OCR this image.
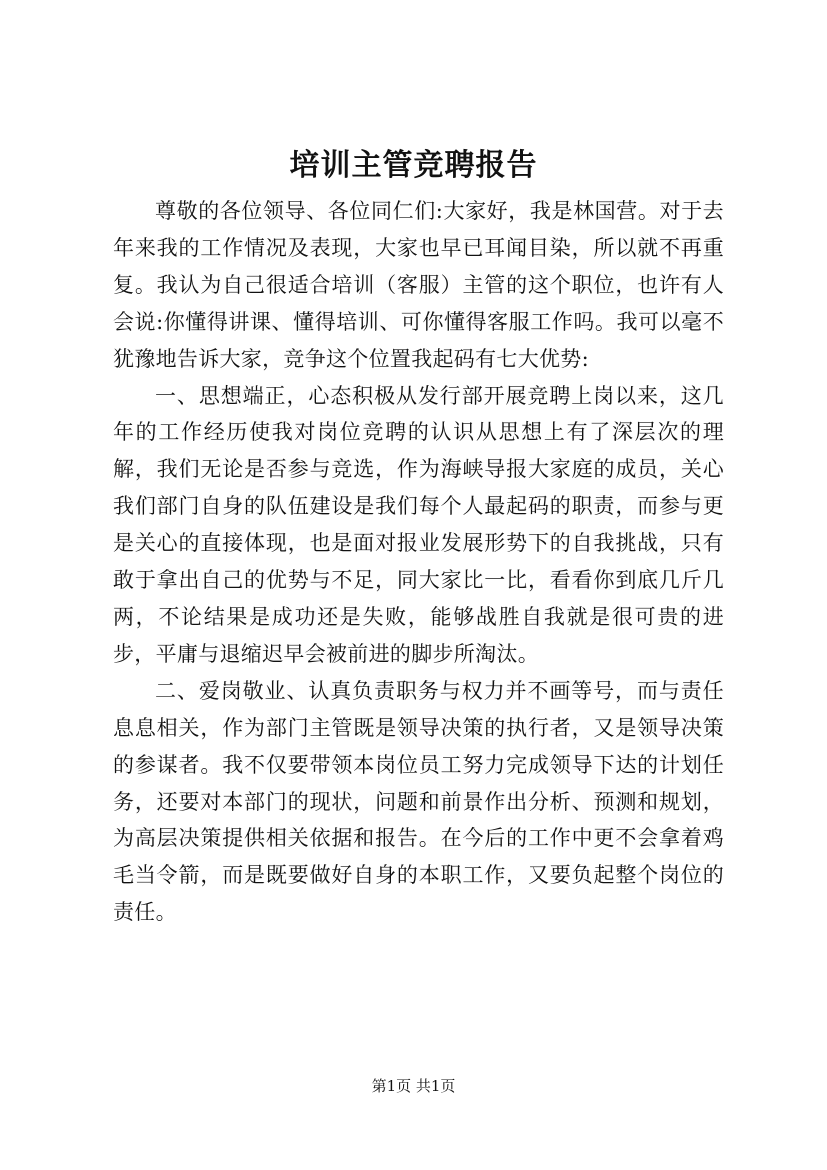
培训主管竞聘报告

尊敬的各位领导、各位同仁们:大家好，我是林国营。对于去年来我的工作情况及表现，大家也早已耳闻目染，所以就不再重复。我认为自己很适合培训（客服）主管的这个职位，也许有人会说:你懂得讲课、懂得培训、可你懂得客服工作吗。我可以毫不犹豫地告诉大家，竞争这个位置我起码有七大优势:

一、思想端正，心态积极从发行部开展竞聘上岗以来，这几年的工作经历使我对岗位竞聘的认识从思想上有了深层次的理解，我们无论是否参与竞选，作为海峡导报大家庭的成员，关心我们部门自身的队伍建设是我们每个人最起码的职责，而参与更是关心的直接体现，也是面对报业发展形势下的自我挑战，只有敢于拿出自己的优势与不足，同大家比一比，看看你到底几斤几两，不论结果是成功还是失败，能够战胜自我就是很可贵的进步，平庸与退缩迟早会被前进的脚步所淘汰。

二、爱岗敬业、认真负责职务与权力并不画等号，而与责任息息相关，作为部门主管既是领导决策的执行者，又是领导决策的参谋者。我不仅要带领本岗位员工努力完成领导下达的计划任务，还要对本部门的现状，问题和前景作出分析、预测和规划，为高层决策提供相关依据和报告。在今后的工作中更不会拿着鸡毛当令箭，而是既要做好自身的本职工作，又要负起整个岗位的责任。

第1页 共1页
